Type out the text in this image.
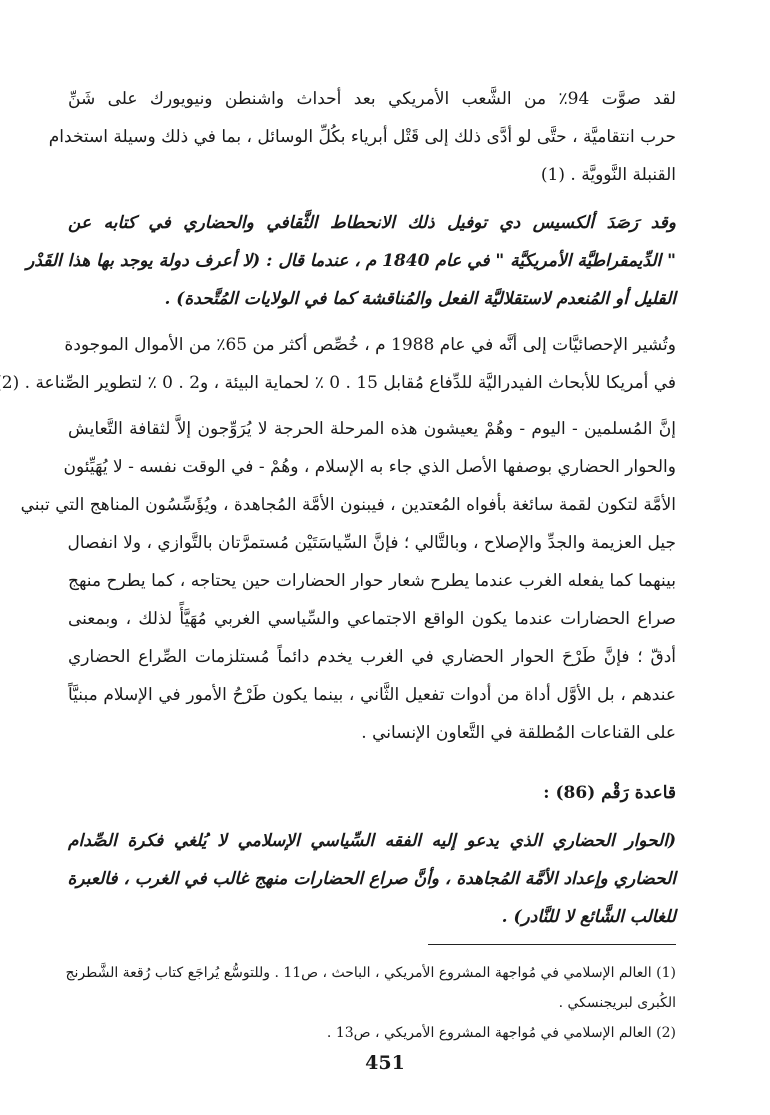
لقد صوَّت 94٪ من الشَّعب الأمريكي بعد أحداث واشنطن ونيويورك على شَنِّ
حرب انتقاميَّة ، حتَّى لو أدَّى ذلك إلى قَتْل أبرياء بكُلِّ الوسائل ، بما في ذلك وسيلة استخدام
القنبلة النَّوويَّة . (1)
وقد رَصَدَ ألكسيس دي توفيل ذلك الانحطاط الثَّقافي والحضاري في كتابه عن
" الدِّيمقراطيَّة الأمريكيَّة " في عام 1840 م ، عندما قال : (لا أعرف دولة يوجد بها هذا القَدْر
القليل أو المُنعدم لاستقلاليَّة الفعل والمُناقشة كما في الولايات المُتَّحدة) .
وتُشير الإحصائيَّات إلى أنَّه في عام 1988 م ، خُصِّص أكثر من 65٪ من الأموال الموجودة
في أمريكا للأبحاث الفيدراليَّة للدِّفاع مُقابل 15 . 0 ٪ لحماية البيئة ، و2 . 0 ٪ لتطوير الصِّناعة . (2
إنَّ المُسلمين - اليوم - وهُمْ يعيشون هذه المرحلة الحرجة لا يُرَوِّجون إلاَّ لثقافة التَّعايش
والحوار الحضاري بوصفها الأصل الذي جاء به الإسلام ، وهُمْ - في الوقت نفسه - لا يُهَيِّئون
الأمَّة لتكون لقمة سائغة بأفواه المُعتدين ، فيبنون الأمَّة المُجاهدة ، ويُؤَسِّسُون المناهج التي تبني
جيل العزيمة والجدِّ والإصلاح ، وبالتَّالي ؛ فإنَّ السِّياسَتَيْن مُستمرَّتان بالتَّوازي ، ولا انفصال
بينهما كما يفعله الغرب عندما يطرح شعار حوار الحضارات حين يحتاجه ، كما يطرح منهج
صراع الحضارات عندما يكون الواقع الاجتماعي والسِّياسي الغربي مُهَيَّأً لذلك ، وبمعنى
أدقّ ؛ فإنَّ طَرْحَ الحوار الحضاري في الغرب يخدم دائماً مُستلزمات الصِّراع الحضاري
عندهم ، بل الأوَّل أداة من أدوات تفعيل الثَّاني ، بينما يكون طَرْحُ الأمور في الإسلام مبنيَّاً
على القناعات المُطلقة في التَّعاون الإنساني .
قاعدة رَقْم (86) :
(الحوار الحضاري الذي يدعو إليه الفقه السِّياسي الإسلامي لا يُلغي فكرة الصِّدام
الحضاري وإعداد الأمَّة المُجاهدة ، وأنَّ صراع الحضارات منهج غالب في الغرب ، فالعبرة
للغالب الشَّائع لا للنَّادر) .
(1) العالم الإسلامي في مُواجهة المشروع الأمريكي ، الباحث ، ص11 . وللتوسُّع يُراجَع كتاب رُقعة الشَّطرنج
الكُبرى لبريجنسكي .
(2) العالم الإسلامي في مُواجهة المشروع الأمريكي ، ص13 .
451
